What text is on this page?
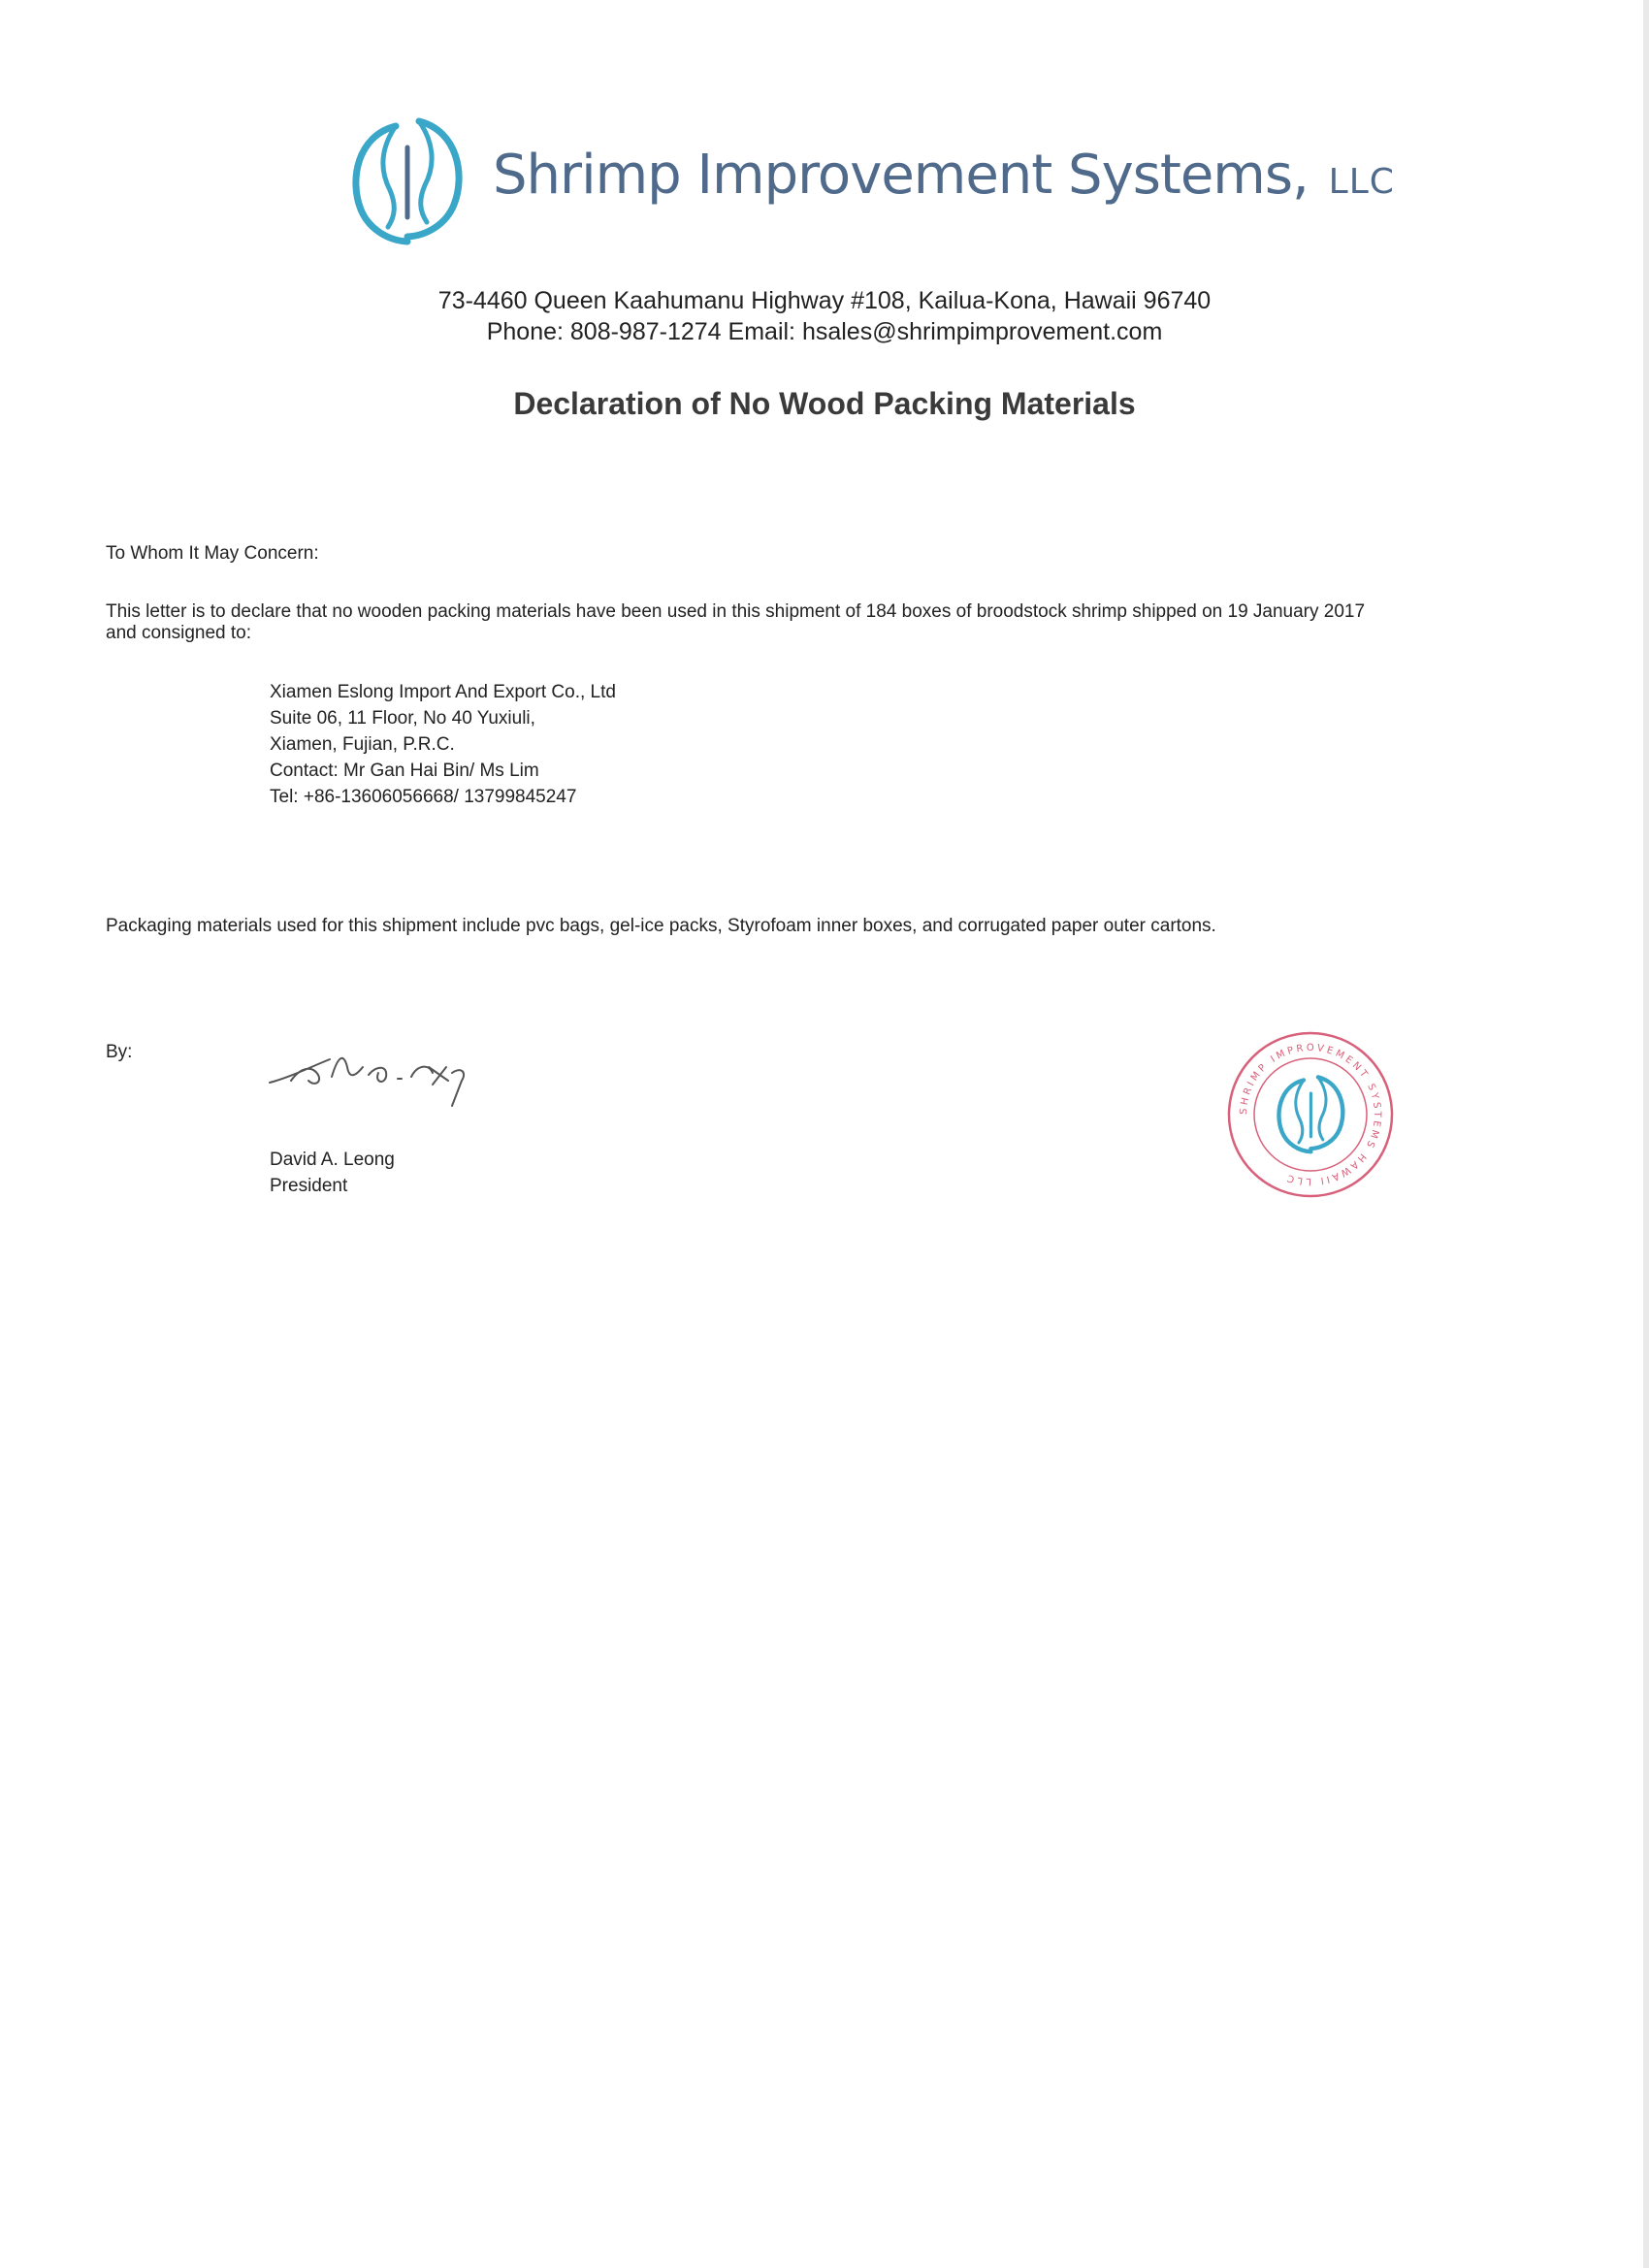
Shrimp Improvement Systems, LLC
73-4460 Queen Kaahumanu Highway #108, Kailua-Kona, Hawaii 96740
Phone: 808-987-1274 Email: hsales@shrimpimprovement.com
Declaration of No Wood Packing Materials
To Whom It May Concern:
This letter is to declare that no wooden packing materials have been used in this shipment of 184 boxes of broodstock shrimp shipped on 19 January 2017
and consigned to:
Xiamen Eslong Import And Export Co., Ltd
Suite 06, 11 Floor, No 40 Yuxiuli,
Xiamen, Fujian, P.R.C.
Contact: Mr Gan Hai Bin/ Ms Lim
Tel: +86-13606056668/ 13799845247
Packaging materials used for this shipment include pvc bags, gel-ice packs, Styrofoam inner boxes, and corrugated paper outer cartons.
By:
David A. Leong
President
SHRIMP IMPROVEMENT SYSTEMS HAWAII LLC
